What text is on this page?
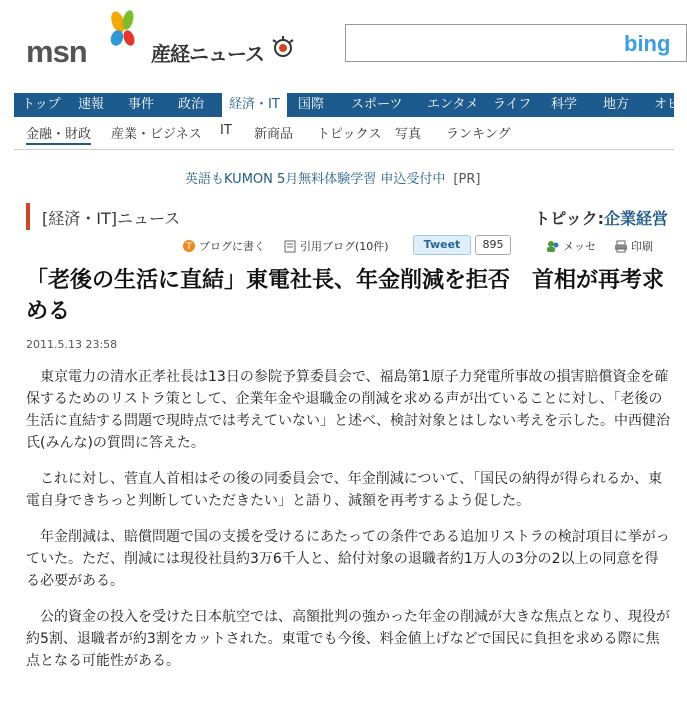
msn	産経ニュース	bing
トップ 速報 事件 政治	経済・IT	国際 スポーツ エンタメ ライフ 科学 地方 オピ
金融・財政 産業・ビジネス IT 新商品 トピックス 写真 ランキング
英語もKUMON 5月無料体験学習 申込受付中 [PR]
[経済・IT]ニュース	トピック:企業経営
T ブログに書く	引用ブログ(10件)	Tweet	895	メッセ	印刷
「老後の生活に直結」東電社長、年金削減を拒否　首相が再考求める
2011.5.13 23:58

東京電力の清水正孝社長は13日の参院予算委員会で、福島第1原子力発電所事故の損害賠償資金を確保するためのリストラ策として、企業年金や退職金の削減を求める声が出ていることに対し、「老後の生活に直結する問題で現時点では考えていない」と述べ、検討対象とはしない考えを示した。中西健治氏(みんな)の質問に答えた。

これに対し、菅直人首相はその後の同委員会で、年金削減について、「国民の納得が得られるか、東電自身できちっと判断していただきたい」と語り、減額を再考するよう促した。

年金削減は、賠償問題で国の支援を受けるにあたっての条件である追加リストラの検討項目に挙がっていた。ただ、削減には現役社員約3万6千人と、給付対象の退職者約1万人の3分の2以上の同意を得る必要がある。

公的資金の投入を受けた日本航空では、高額批判の強かった年金の削減が大きな焦点となり、現役が約5割、退職者が約3割をカットされた。東電でも今後、料金値上げなどで国民に負担を求める際に焦点となる可能性がある。
